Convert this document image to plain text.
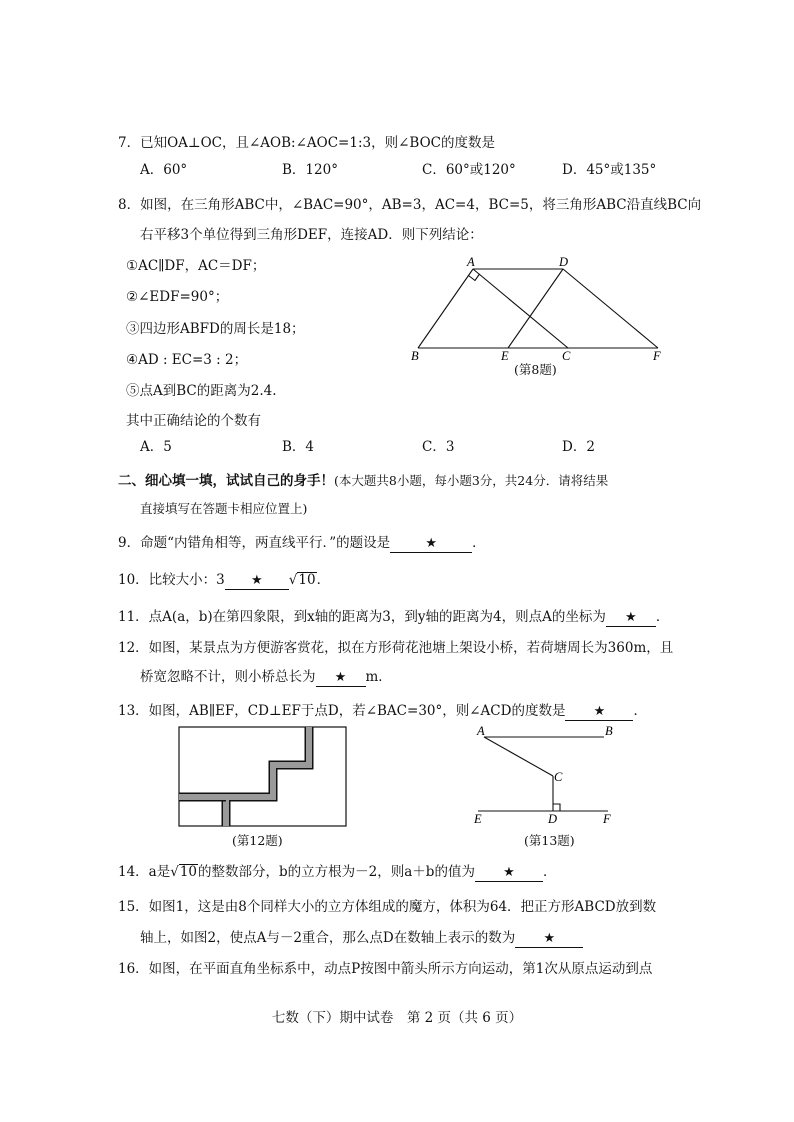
7．已知OA⊥OC，且∠AOB:∠AOC=1:3，则∠BOC的度数是
A．60°	B．120°	C．60°或120°	D．45°或135°
8．如图，在三角形ABC中，∠BAC=90°，AB=3，AC=4，BC=5，将三角形ABC沿直线BC向
右平移3个单位得到三角形DEF，连接AD．则下列结论：
①AC∥DF，AC＝DF；
②∠EDF=90°；
③四边形ABFD的周长是18；
④AD : EC=3 : 2；
⑤点A到BC的距离为2.4.
其中正确结论的个数有
A．5	B．4	C．3	D．2
A	D
B	E	C	F
(第8题)
二、细心填一填，试试自己的身手！(本大题共8小题，每小题3分，共24分．请将结果
直接填写在答题卡相应位置上)
9．命题“内错角相等，两直线平行．”的题设是	★	．
10．比较大小：3 ★ √10．
11．点A(a，b)在第四象限，到x轴的距离为3，到y轴的距离为4，则点A的坐标为 ★ ．
12．如图，某景点为方便游客赏花，拟在方形荷花池塘上架设小桥，若荷塘周长为360m，且
桥宽忽略不计，则小桥总长为 ★ m．
13．如图，AB∥EF，CD⊥EF于点D，若∠BAC=30°，则∠ACD的度数是 ★ ．
(第12题)
A	B
C
D
E	F
(第13题)
14．a是√10的整数部分，b的立方根为－2，则a＋b的值为 ★ ．
15．如图1，这是由8个同样大小的立方体组成的魔方，体积为64．把正方形ABCD放到数
轴上，如图2，使点A与－2重合，那么点D在数轴上表示的数为 ★
16．如图，在平面直角坐标系中，动点P按图中箭头所示方向运动，第1次从原点运动到点
七数（下）期中试卷　第 2 页（共 6 页）
